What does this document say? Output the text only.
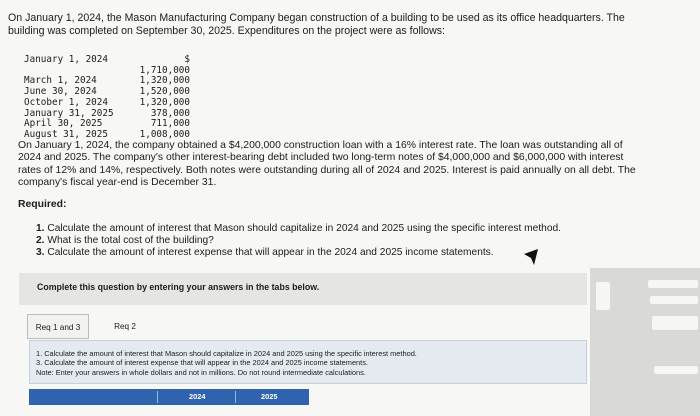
On January 1, 2024, the Mason Manufacturing Company began construction of a building to be used as its office headquarters. The
building was completed on September 30, 2025. Expenditures on the project were as follows:
January 1, 2024	$ 1,710,000
March 1, 2024	1,320,000
June 30, 2024	1,520,000
October 1, 2024	1,320,000
January 31, 2025	378,000
April 30, 2025	711,000
August 31, 2025	1,008,000
On January 1, 2024, the company obtained a $4,200,000 construction loan with a 16% interest rate. The loan was outstanding all of
2024 and 2025. The company's other interest-bearing debt included two long-term notes of $4,000,000 and $6,000,000 with interest
rates of 12% and 14%, respectively. Both notes were outstanding during all of 2024 and 2025. Interest is paid annually on all debt. The
company's fiscal year-end is December 31.
Required:
1. Calculate the amount of interest that Mason should capitalize in 2024 and 2025 using the specific interest method.
2. What is the total cost of the building?
3. Calculate the amount of interest expense that will appear in the 2024 and 2025 income statements.
Complete this question by entering your answers in the tabs below.
Req 1 and 3	Req 2
1. Calculate the amount of interest that Mason should capitalize in 2024 and 2025 using the specific interest method.
3. Calculate the amount of interest expense that will appear in the 2024 and 2025 income statements.
Note: Enter your answers in whole dollars and not in millions. Do not round intermediate calculations.
2024	2025
